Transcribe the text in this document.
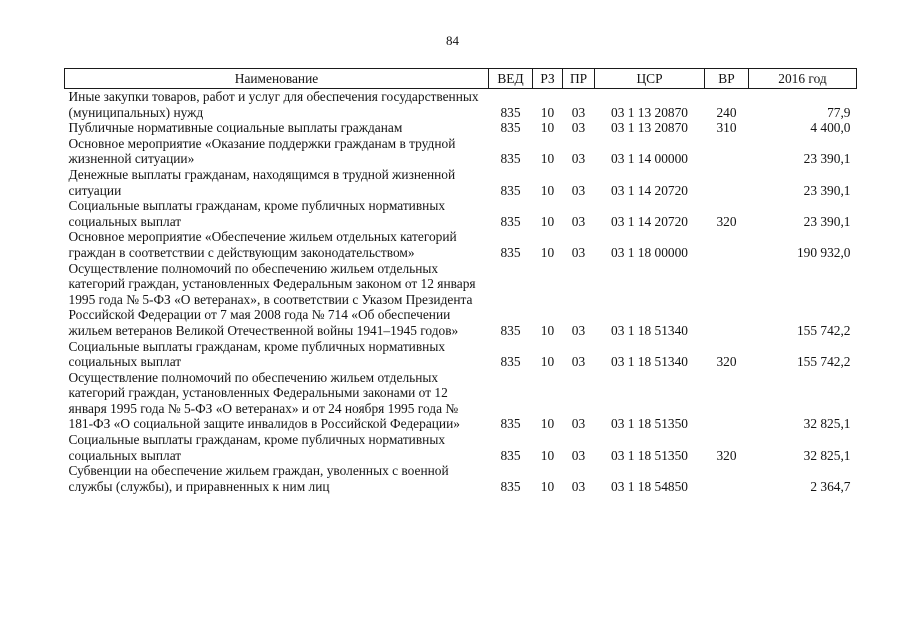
84
Наименование	ВЕД	РЗ	ПР	ЦСР	ВР	2016 год
Иные закупки товаров, работ и услуг для обеспечения государственных (муниципальных) нужд	835	10	03	03 1 13 20870	240	77,9
Публичные нормативные социальные выплаты гражданам	835	10	03	03 1 13 20870	310	4 400,0
Основное мероприятие «Оказание поддержки гражданам в трудной жизненной ситуации»	835	10	03	03 1 14 00000		23 390,1
Денежные выплаты гражданам, находящимся в трудной жизненной ситуации	835	10	03	03 1 14 20720		23 390,1
Социальные выплаты гражданам, кроме публичных нормативных социальных выплат	835	10	03	03 1 14 20720	320	23 390,1
Основное мероприятие «Обеспечение жильем отдельных категорий граждан в соответствии с действующим законодательством»	835	10	03	03 1 18 00000		190 932,0
Осуществление полномочий по обеспечению жильем отдельных категорий граждан, установленных Федеральным законом от 12 января 1995 года № 5-ФЗ «О ветеранах», в соответствии с Указом Президента Российской Федерации от 7 мая 2008 года № 714 «Об обеспечении жильем ветеранов Великой Отечественной войны 1941–1945 годов»	835	10	03	03 1 18 51340		155 742,2
Социальные выплаты гражданам, кроме публичных нормативных социальных выплат	835	10	03	03 1 18 51340	320	155 742,2
Осуществление полномочий по обеспечению жильем отдельных категорий граждан, установленных Федеральными законами от 12 января 1995 года № 5-ФЗ «О ветеранах» и от 24 ноября 1995 года № 181-ФЗ «О социальной защите инвалидов в Российской Федерации»	835	10	03	03 1 18 51350		32 825,1
Социальные выплаты гражданам, кроме публичных нормативных социальных выплат	835	10	03	03 1 18 51350	320	32 825,1
Субвенции на обеспечение жильем граждан, уволенных с военной службы (службы), и приравненных к ним лиц	835	10	03	03 1 18 54850		2 364,7
